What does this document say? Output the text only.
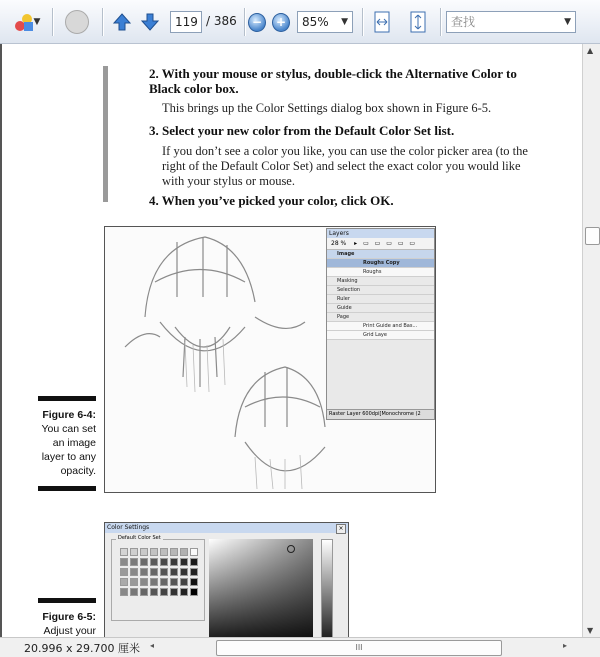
▼	119 / 386	−	+	85% ▼	查找	▼
2. With your mouse or stylus, double-click the Alternative Color to Black color box.
This brings up the Color Settings dialog box shown in Figure 6-5.
3. Select your new color from the Default Color Set list.
If you don’t see a color you like, you can use the color picker area (to the right of the Default Color Set) and select the exact color you would like with your stylus or mouse.
4. When you’ve picked your color, click OK.
Layers
28 % ▸ ▭ ▭ ▭ ▭ ▭
Image
Roughs Copy
Roughs
Masking
Selection
Ruler
Guide
Page
Print Guide and Bas...
Grid Laye
Raster Layer 600dpi[Monochrome (2
Figure 6-4:
You can set
an image
layer to any
opacity.
Color Settings	×
Default Color Set
Figure 6-5:
Adjust your
▲
▼
20.996 x 29.700 厘米 ◂	III	▸
